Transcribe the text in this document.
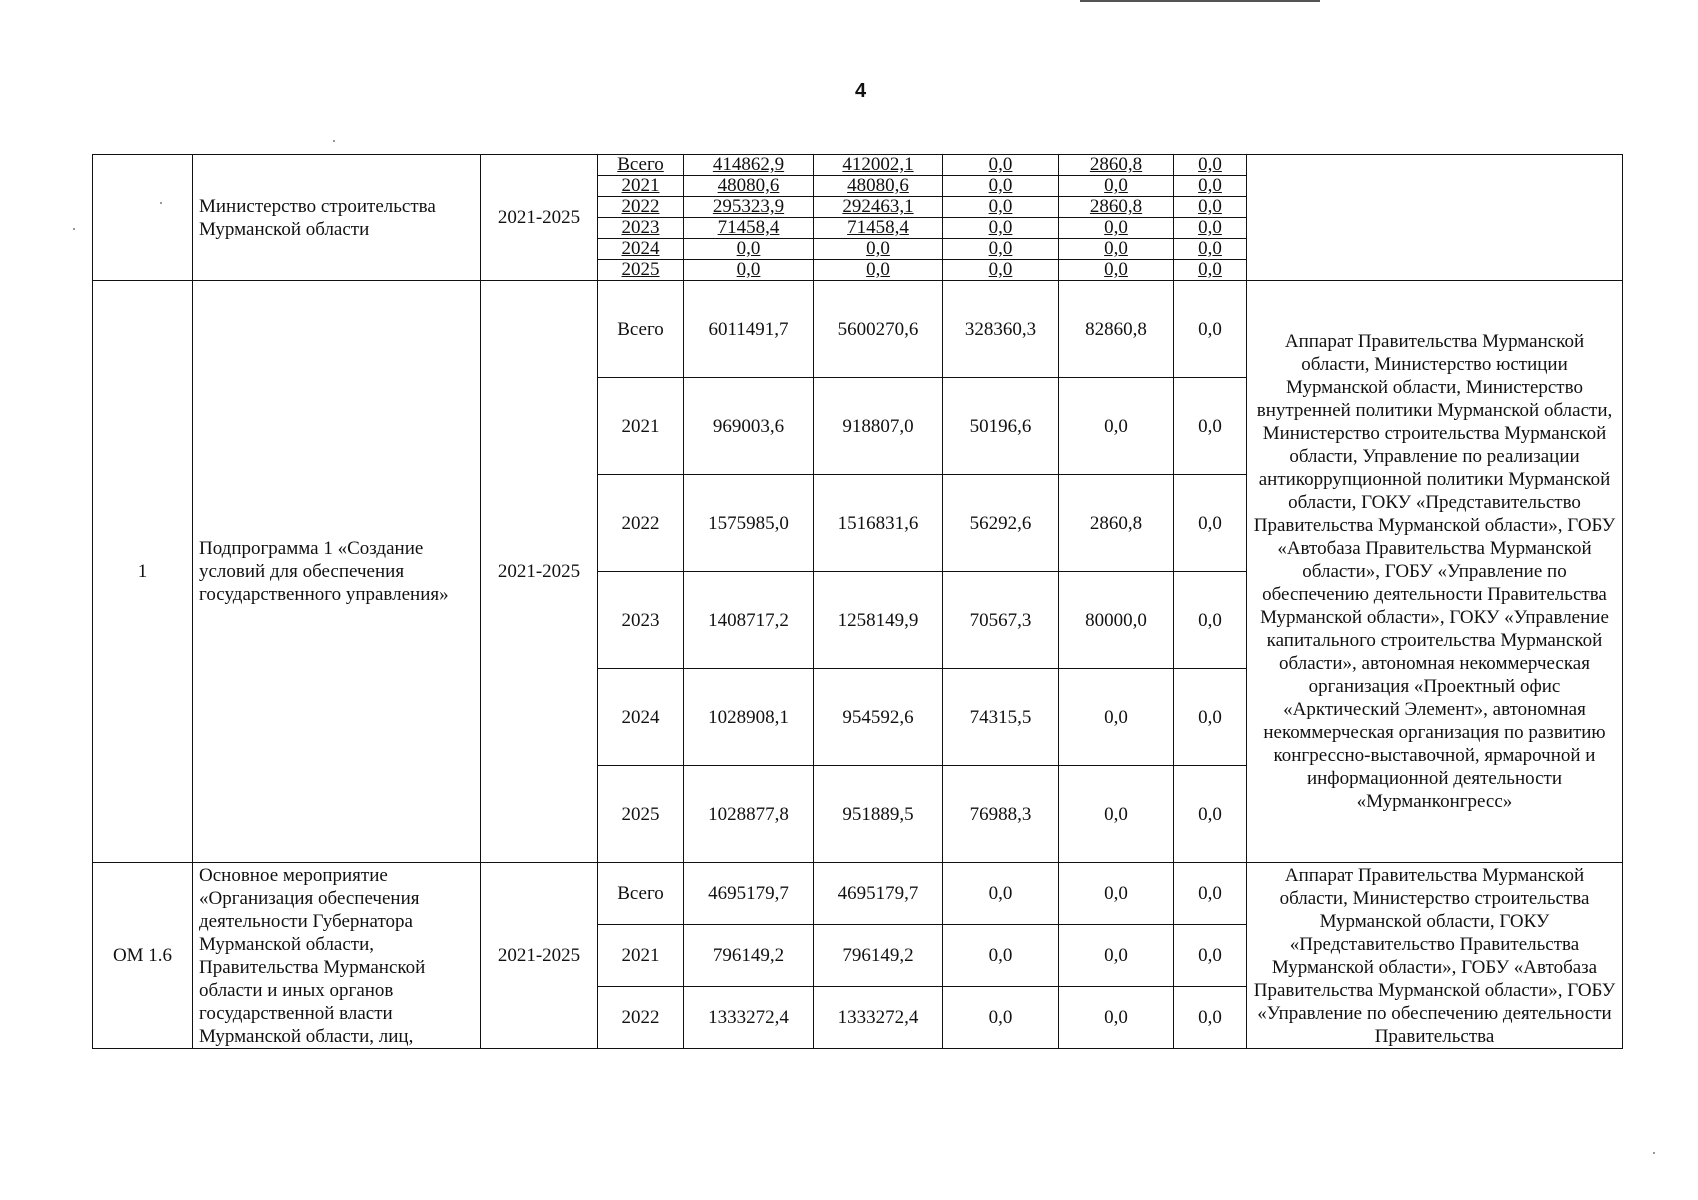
4
	Министерство строительства Мурманской области	2021-2025	Всего	414862,9	412002,1	0,0	2860,8	0,0	
			2021	48080,6	48080,6	0,0	0,0	0,0	
			2022	295323,9	292463,1	0,0	2860,8	0,0	
			2023	71458,4	71458,4	0,0	0,0	0,0	
			2024	0,0	0,0	0,0	0,0	0,0	
			2025	0,0	0,0	0,0	0,0	0,0	
1	Подпрограмма 1 «Создание условий для обеспечения государственного управления»	2021-2025	Всего	6011491,7	5600270,6	328360,3	82860,8	0,0	Аппарат Правительства Мурманской области, Министерство юстиции Мурманской области, Министерство внутренней политики Мурманской области, Министерство строительства Мурманской области, Управление по реализации антикоррупционной политики Мурманской области, ГОКУ «Представительство Правительства Мурманской области», ГОБУ «Автобаза Правительства Мурманской области», ГОБУ «Управление по обеспечению деятельности Правительства Мурманской области», ГОКУ «Управление капитального строительства Мурманской области», автономная некоммерческая организация «Проектный офис «Арктический Элемент», автономная некоммерческая организация по развитию конгрессно-выставочной, ярмарочной и информационной деятельности «Мурманконгресс»
			2021	969003,6	918807,0	50196,6	0,0	0,0	
			2022	1575985,0	1516831,6	56292,6	2860,8	0,0	
			2023	1408717,2	1258149,9	70567,3	80000,0	0,0	
			2024	1028908,1	954592,6	74315,5	0,0	0,0	
			2025	1028877,8	951889,5	76988,3	0,0	0,0	
ОМ 1.6	Основное мероприятие «Организация обеспечения деятельности Губернатора Мурманской области, Правительства Мурманской области и иных органов государственной власти Мурманской области, лиц,	2021-2025	Всего	4695179,7	4695179,7	0,0	0,0	0,0	Аппарат Правительства Мурманской области, Министерство строительства Мурманской области, ГОКУ «Представительство Правительства Мурманской области», ГОБУ «Автобаза Правительства Мурманской области», ГОБУ «Управление по обеспечению деятельности Правительства
			2021	796149,2	796149,2	0,0	0,0	0,0	
			2022	1333272,4	1333272,4	0,0	0,0	0,0	
